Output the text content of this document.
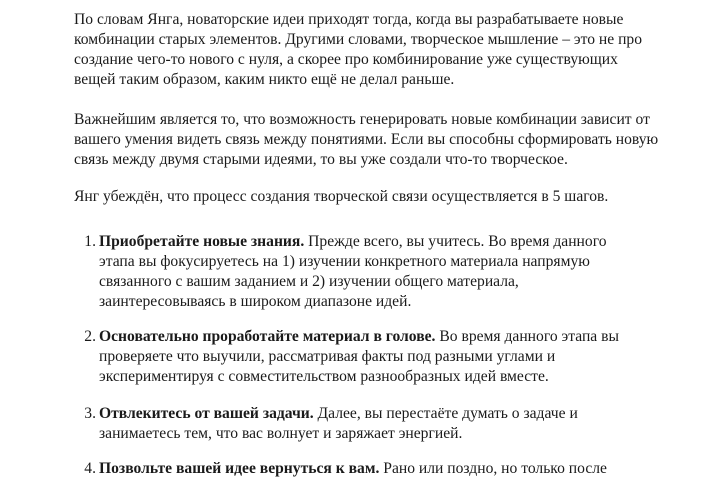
По словам Янга, новаторские идеи приходят тогда, когда вы разрабатываете новые
комбинации старых элементов. Другими словами, творческое мышление – это не про
создание чего-то нового с нуля, а скорее про комбинирование уже существующих
вещей таким образом, каким никто ещё не делал раньше.

Важнейшим является то, что возможность генерировать новые комбинации зависит от
вашего умения видеть связь между понятиями. Если вы способны сформировать новую
связь между двумя старыми идеями, то вы уже создали что-то творческое.

Янг убеждён, что процесс создания творческой связи осуществляется в 5 шагов.

1. Приобретайте новые знания. Прежде всего, вы учитесь. Во время данного
этапа вы фокусируетесь на 1) изучении конкретного материала напрямую
связанного с вашим заданием и 2) изучении общего материала,
заинтересовываясь в широком диапазоне идей.
2. Основательно проработайте материал в голове. Во время данного этапа вы
проверяете что выучили, рассматривая факты под разными углами и
экспериментируя с совместительством разнообразных идей вместе.
3. Отвлекитесь от вашей задачи. Далее, вы перестаёте думать о задаче и
занимаетесь тем, что вас волнует и заряжает энергией.
4. Позвольте вашей идее вернуться к вам. Рано или поздно, но только после
